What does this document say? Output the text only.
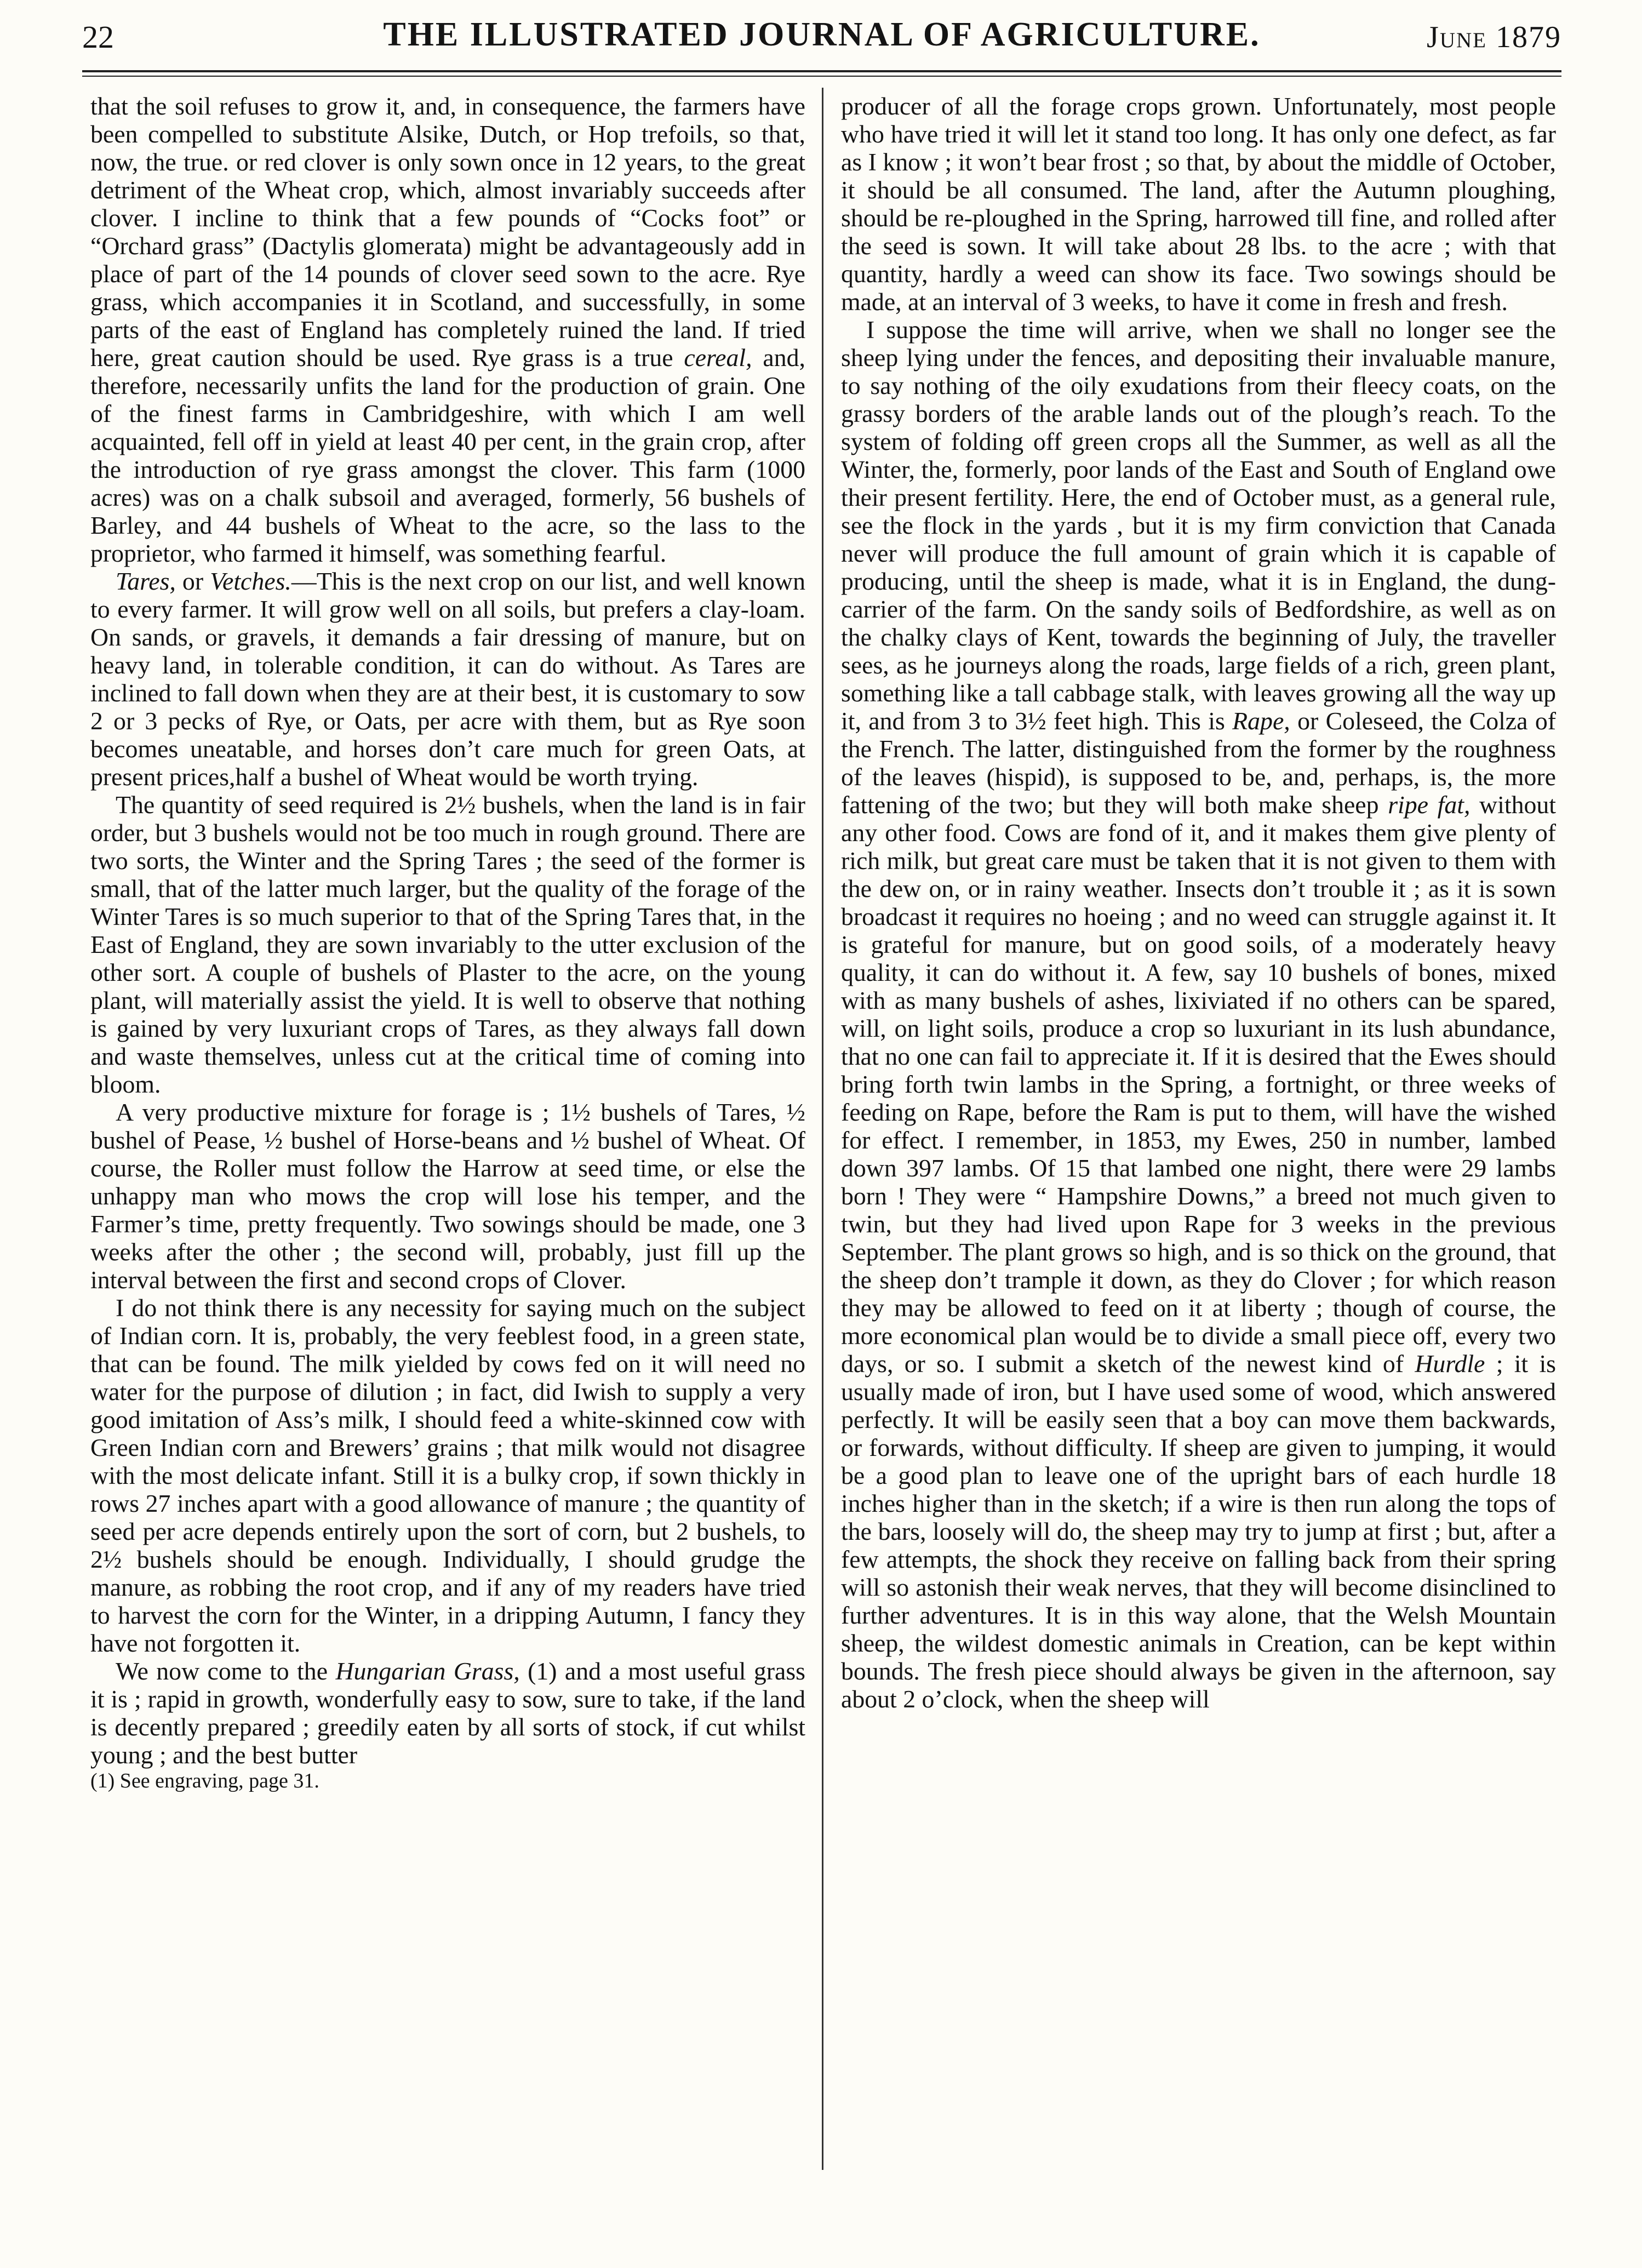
22	THE ILLUSTRATED JOURNAL OF AGRICULTURE.	June 1879

that the soil refuses to grow it, and, in consequence, the farmers have been compelled to substitute Alsike, Dutch, or Hop trefoils, so that, now, the true. or red clover is only sown once in 12 years, to the great detriment of the Wheat crop, which, almost invariably succeeds after clover. I incline to think that a few pounds of “Cocks foot” or “Orchard grass” (Dactylis glomerata) might be advantageously add in place of part of the 14 pounds of clover seed sown to the acre. Rye grass, which accompanies it in Scotland, and successfully, in some parts of the east of England has completely ruined the land. If tried here, great caution should be used. Rye grass is a true cereal, and, therefore, necessarily unfits the land for the production of grain. One of the finest farms in Cambridgeshire, with which I am well acquainted, fell off in yield at least 40 per cent, in the grain crop, after the introduction of rye grass amongst the clover. This farm (1000 acres) was on a chalk subsoil and averaged, formerly, 56 bushels of Barley, and 44 bushels of Wheat to the acre, so the lass to the proprietor, who farmed it himself, was something fearful.

Tares, or Vetches.—This is the next crop on our list, and well known to every farmer. It will grow well on all soils, but prefers a clay-loam. On sands, or gravels, it demands a fair dressing of manure, but on heavy land, in tolerable condition, it can do without. As Tares are inclined to fall down when they are at their best, it is customary to sow 2 or 3 pecks of Rye, or Oats, per acre with them, but as Rye soon becomes uneatable, and horses don’t care much for green Oats, at present prices,half a bushel of Wheat would be worth trying.

The quantity of seed required is 2½ bushels, when the land is in fair order, but 3 bushels would not be too much in rough ground. There are two sorts, the Winter and the Spring Tares ; the seed of the former is small, that of the latter much larger, but the quality of the forage of the Winter Tares is so much superior to that of the Spring Tares that, in the East of England, they are sown invariably to the utter exclusion of the other sort. A couple of bushels of Plaster to the acre, on the young plant, will materially assist the yield. It is well to observe that nothing is gained by very luxuriant crops of Tares, as they always fall down and waste themselves, unless cut at the critical time of coming into bloom.

A very productive mixture for forage is ; 1½ bushels of Tares, ½ bushel of Pease, ½ bushel of Horse-beans and ½ bushel of Wheat. Of course, the Roller must follow the Harrow at seed time, or else the unhappy man who mows the crop will lose his temper, and the Farmer’s time, pretty frequently. Two sowings should be made, one 3 weeks after the other ; the second will, probably, just fill up the interval between the first and second crops of Clover.

I do not think there is any necessity for saying much on the subject of Indian corn. It is, probably, the very feeblest food, in a green state, that can be found. The milk yielded by cows fed on it will need no water for the purpose of dilution ; in fact, did Iwish to supply a very good imitation of Ass’s milk, I should feed a white-skinned cow with Green Indian corn and Brewers’ grains ; that milk would not disagree with the most delicate infant. Still it is a bulky crop, if sown thickly in rows 27 inches apart with a good allowance of manure ; the quantity of seed per acre depends entirely upon the sort of corn, but 2 bushels, to 2½ bushels should be enough. Individually, I should grudge the manure, as robbing the root crop, and if any of my readers have tried to harvest the corn for the Winter, in a dripping Autumn, I fancy they have not forgotten it.

We now come to the Hungarian Grass, (1) and a most useful grass it is ; rapid in growth, wonderfully easy to sow, sure to take, if the land is decently prepared ; greedily eaten by all sorts of stock, if cut whilst young ; and the best butter

(1) See engraving, page 31.

producer of all the forage crops grown. Unfortunately, most people who have tried it will let it stand too long. It has only one defect, as far as I know ; it won’t bear frost ; so that, by about the middle of October, it should be all consumed. The land, after the Autumn ploughing, should be re-ploughed in the Spring, harrowed till fine, and rolled after the seed is sown. It will take about 28 lbs. to the acre ; with that quantity, hardly a weed can show its face. Two sowings should be made, at an interval of 3 weeks, to have it come in fresh and fresh.

I suppose the time will arrive, when we shall no longer see the sheep lying under the fences, and depositing their invaluable manure, to say nothing of the oily exudations from their fleecy coats, on the grassy borders of the arable lands out of the plough’s reach. To the system of folding off green crops all the Summer, as well as all the Winter, the, formerly, poor lands of the East and South of England owe their present fertility. Here, the end of October must, as a general rule, see the flock in the yards , but it is my firm conviction that Canada never will produce the full amount of grain which it is capable of producing, until the sheep is made, what it is in England, the dung-carrier of the farm. On the sandy soils of Bedfordshire, as well as on the chalky clays of Kent, towards the beginning of July, the traveller sees, as he journeys along the roads, large fields of a rich, green plant, something like a tall cabbage stalk, with leaves growing all the way up it, and from 3 to 3½ feet high. This is Rape, or Coleseed, the Colza of the French. The latter, distinguished from the former by the roughness of the leaves (hispid), is supposed to be, and, perhaps, is, the more fattening of the two; but they will both make sheep ripe fat, without any other food. Cows are fond of it, and it makes them give plenty of rich milk, but great care must be taken that it is not given to them with the dew on, or in rainy weather. Insects don’t trouble it ; as it is sown broadcast it requires no hoeing ; and no weed can struggle against it. It is grateful for manure, but on good soils, of a moderately heavy quality, it can do without it. A few, say 10 bushels of bones, mixed with as many bushels of ashes, lixiviated if no others can be spared, will, on light soils, produce a crop so luxuriant in its lush abundance, that no one can fail to appreciate it. If it is desired that the Ewes should bring forth twin lambs in the Spring, a fortnight, or three weeks of feeding on Rape, before the Ram is put to them, will have the wished for effect. I remember, in 1853, my Ewes, 250 in number, lambed down 397 lambs. Of 15 that lambed one night, there were 29 lambs born ! They were “ Hampshire Downs,” a breed not much given to twin, but they had lived upon Rape for 3 weeks in the previous September. The plant grows so high, and is so thick on the ground, that the sheep don’t trample it down, as they do Clover ; for which reason they may be allowed to feed on it at liberty ; though of course, the more economical plan would be to divide a small piece off, every two days, or so. I submit a sketch of the newest kind of Hurdle ; it is usually made of iron, but I have used some of wood, which answered perfectly. It will be easily seen that a boy can move them backwards, or forwards, without difficulty. If sheep are given to jumping, it would be a good plan to leave one of the upright bars of each hurdle 18 inches higher than in the sketch; if a wire is then run along the tops of the bars, loosely will do, the sheep may try to jump at first ; but, after a few attempts, the shock they receive on falling back from their spring will so astonish their weak nerves, that they will become disinclined to further adventures. It is in this way alone, that the Welsh Mountain sheep, the wildest domestic animals in Creation, can be kept within bounds. The fresh piece should always be given in the afternoon, say about 2 o’clock, when the sheep will
